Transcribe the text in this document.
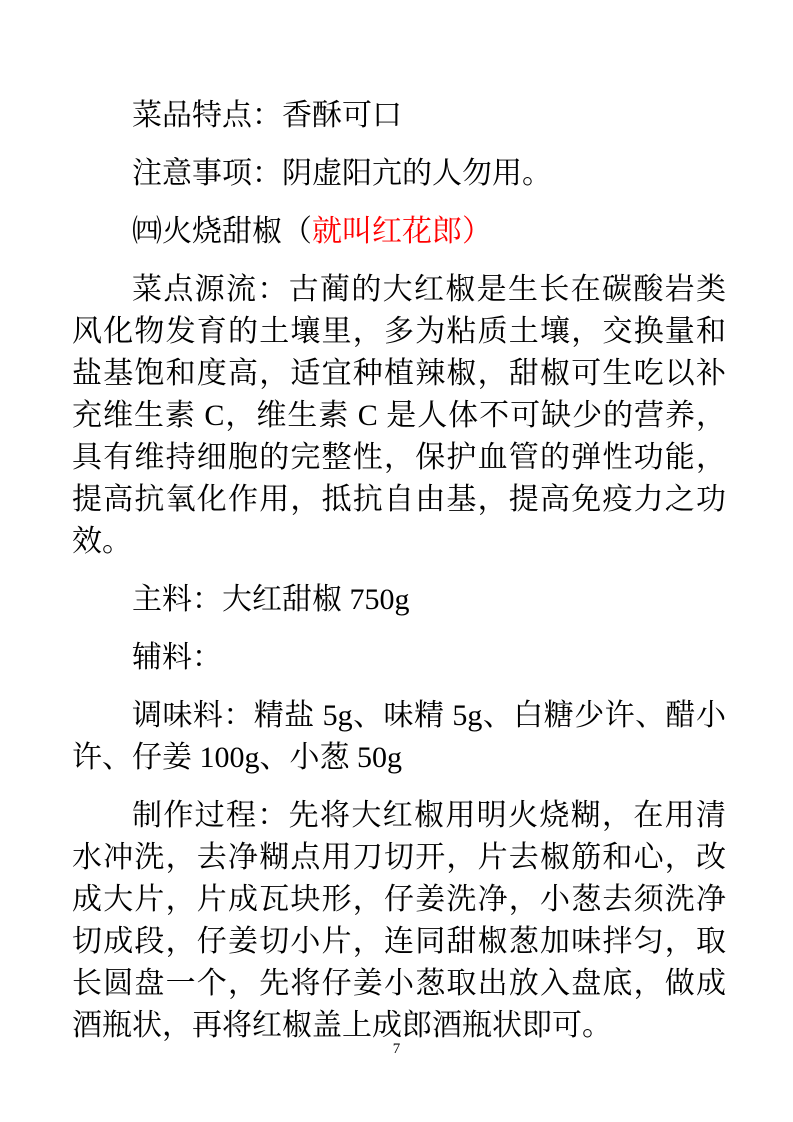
菜品特点：香酥可口

注意事项：阴虚阳亢的人勿用。

㈣火烧甜椒（就叫红花郎）

菜点源流：古蔺的大红椒是生长在碳酸岩类风化物发育的土壤里，多为粘质土壤，交换量和盐基饱和度高，适宜种植辣椒，甜椒可生吃以补充维生素 C，维生素 C 是人体不可缺少的营养，具有维持细胞的完整性，保护血管的弹性功能，提高抗氧化作用，抵抗自由基，提高免疫力之功效。

主料：大红甜椒 750g

辅料：

调味料：精盐 5g、味精 5g、白糖少许、醋小许、仔姜 100g、小葱 50g

制作过程：先将大红椒用明火烧糊，在用清水冲洗，去净糊点用刀切开，片去椒筋和心，改成大片，片成瓦块形，仔姜洗净，小葱去须洗净切成段，仔姜切小片，连同甜椒葱加味拌匀，取长圆盘一个，先将仔姜小葱取出放入盘底，做成酒瓶状，再将红椒盖上成郎酒瓶状即可。

7
